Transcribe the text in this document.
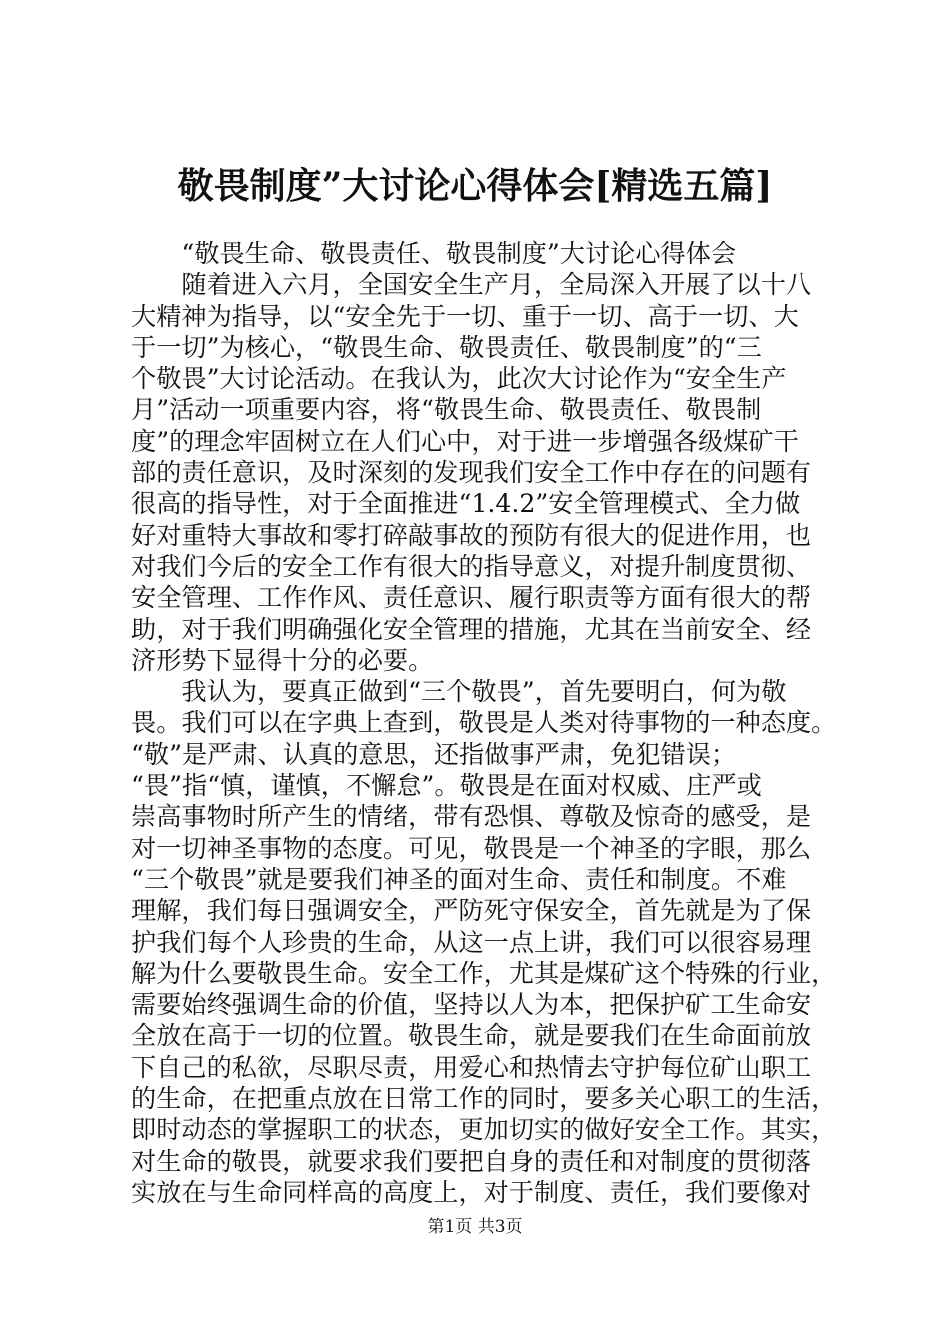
敬畏制度”大讨论心得体会[精选五篇]
　　“敬畏生命、敬畏责任、敬畏制度”大讨论心得体会
　　随着进入六月，全国安全生产月，全局深入开展了以十八
大精神为指导，以“安全先于一切、重于一切、高于一切、大
于一切”为核心，“敬畏生命、敬畏责任、敬畏制度”的“三
个敬畏”大讨论活动。在我认为，此次大讨论作为“安全生产
月”活动一项重要内容，将“敬畏生命、敬畏责任、敬畏制
度”的理念牢固树立在人们心中，对于进一步增强各级煤矿干
部的责任意识，及时深刻的发现我们安全工作中存在的问题有
很高的指导性，对于全面推进“1.4.2”安全管理模式、全力做
好对重特大事故和零打碎敲事故的预防有很大的促进作用，也
对我们今后的安全工作有很大的指导意义，对提升制度贯彻、
安全管理、工作作风、责任意识、履行职责等方面有很大的帮
助，对于我们明确强化安全管理的措施，尤其在当前安全、经
济形势下显得十分的必要。
　　我认为，要真正做到“三个敬畏”，首先要明白，何为敬
畏。我们可以在字典上查到，敬畏是人类对待事物的一种态度。
“敬”是严肃、认真的意思，还指做事严肃，免犯错误；
“畏”指“慎，谨慎，不懈怠”。敬畏是在面对权威、庄严或
崇高事物时所产生的情绪，带有恐惧、尊敬及惊奇的感受，是
对一切神圣事物的态度。可见，敬畏是一个神圣的字眼，那么
“三个敬畏”就是要我们神圣的面对生命、责任和制度。不难
理解，我们每日强调安全，严防死守保安全，首先就是为了保
护我们每个人珍贵的生命，从这一点上讲，我们可以很容易理
解为什么要敬畏生命。安全工作，尤其是煤矿这个特殊的行业，
需要始终强调生命的价值，坚持以人为本，把保护矿工生命安
全放在高于一切的位置。敬畏生命，就是要我们在生命面前放
下自己的私欲，尽职尽责，用爱心和热情去守护每位矿山职工
的生命，在把重点放在日常工作的同时，要多关心职工的生活，
即时动态的掌握职工的状态，更加切实的做好安全工作。其实，
对生命的敬畏，就要求我们要把自身的责任和对制度的贯彻落
实放在与生命同样高的高度上，对于制度、责任，我们要像对
第1页 共3页
